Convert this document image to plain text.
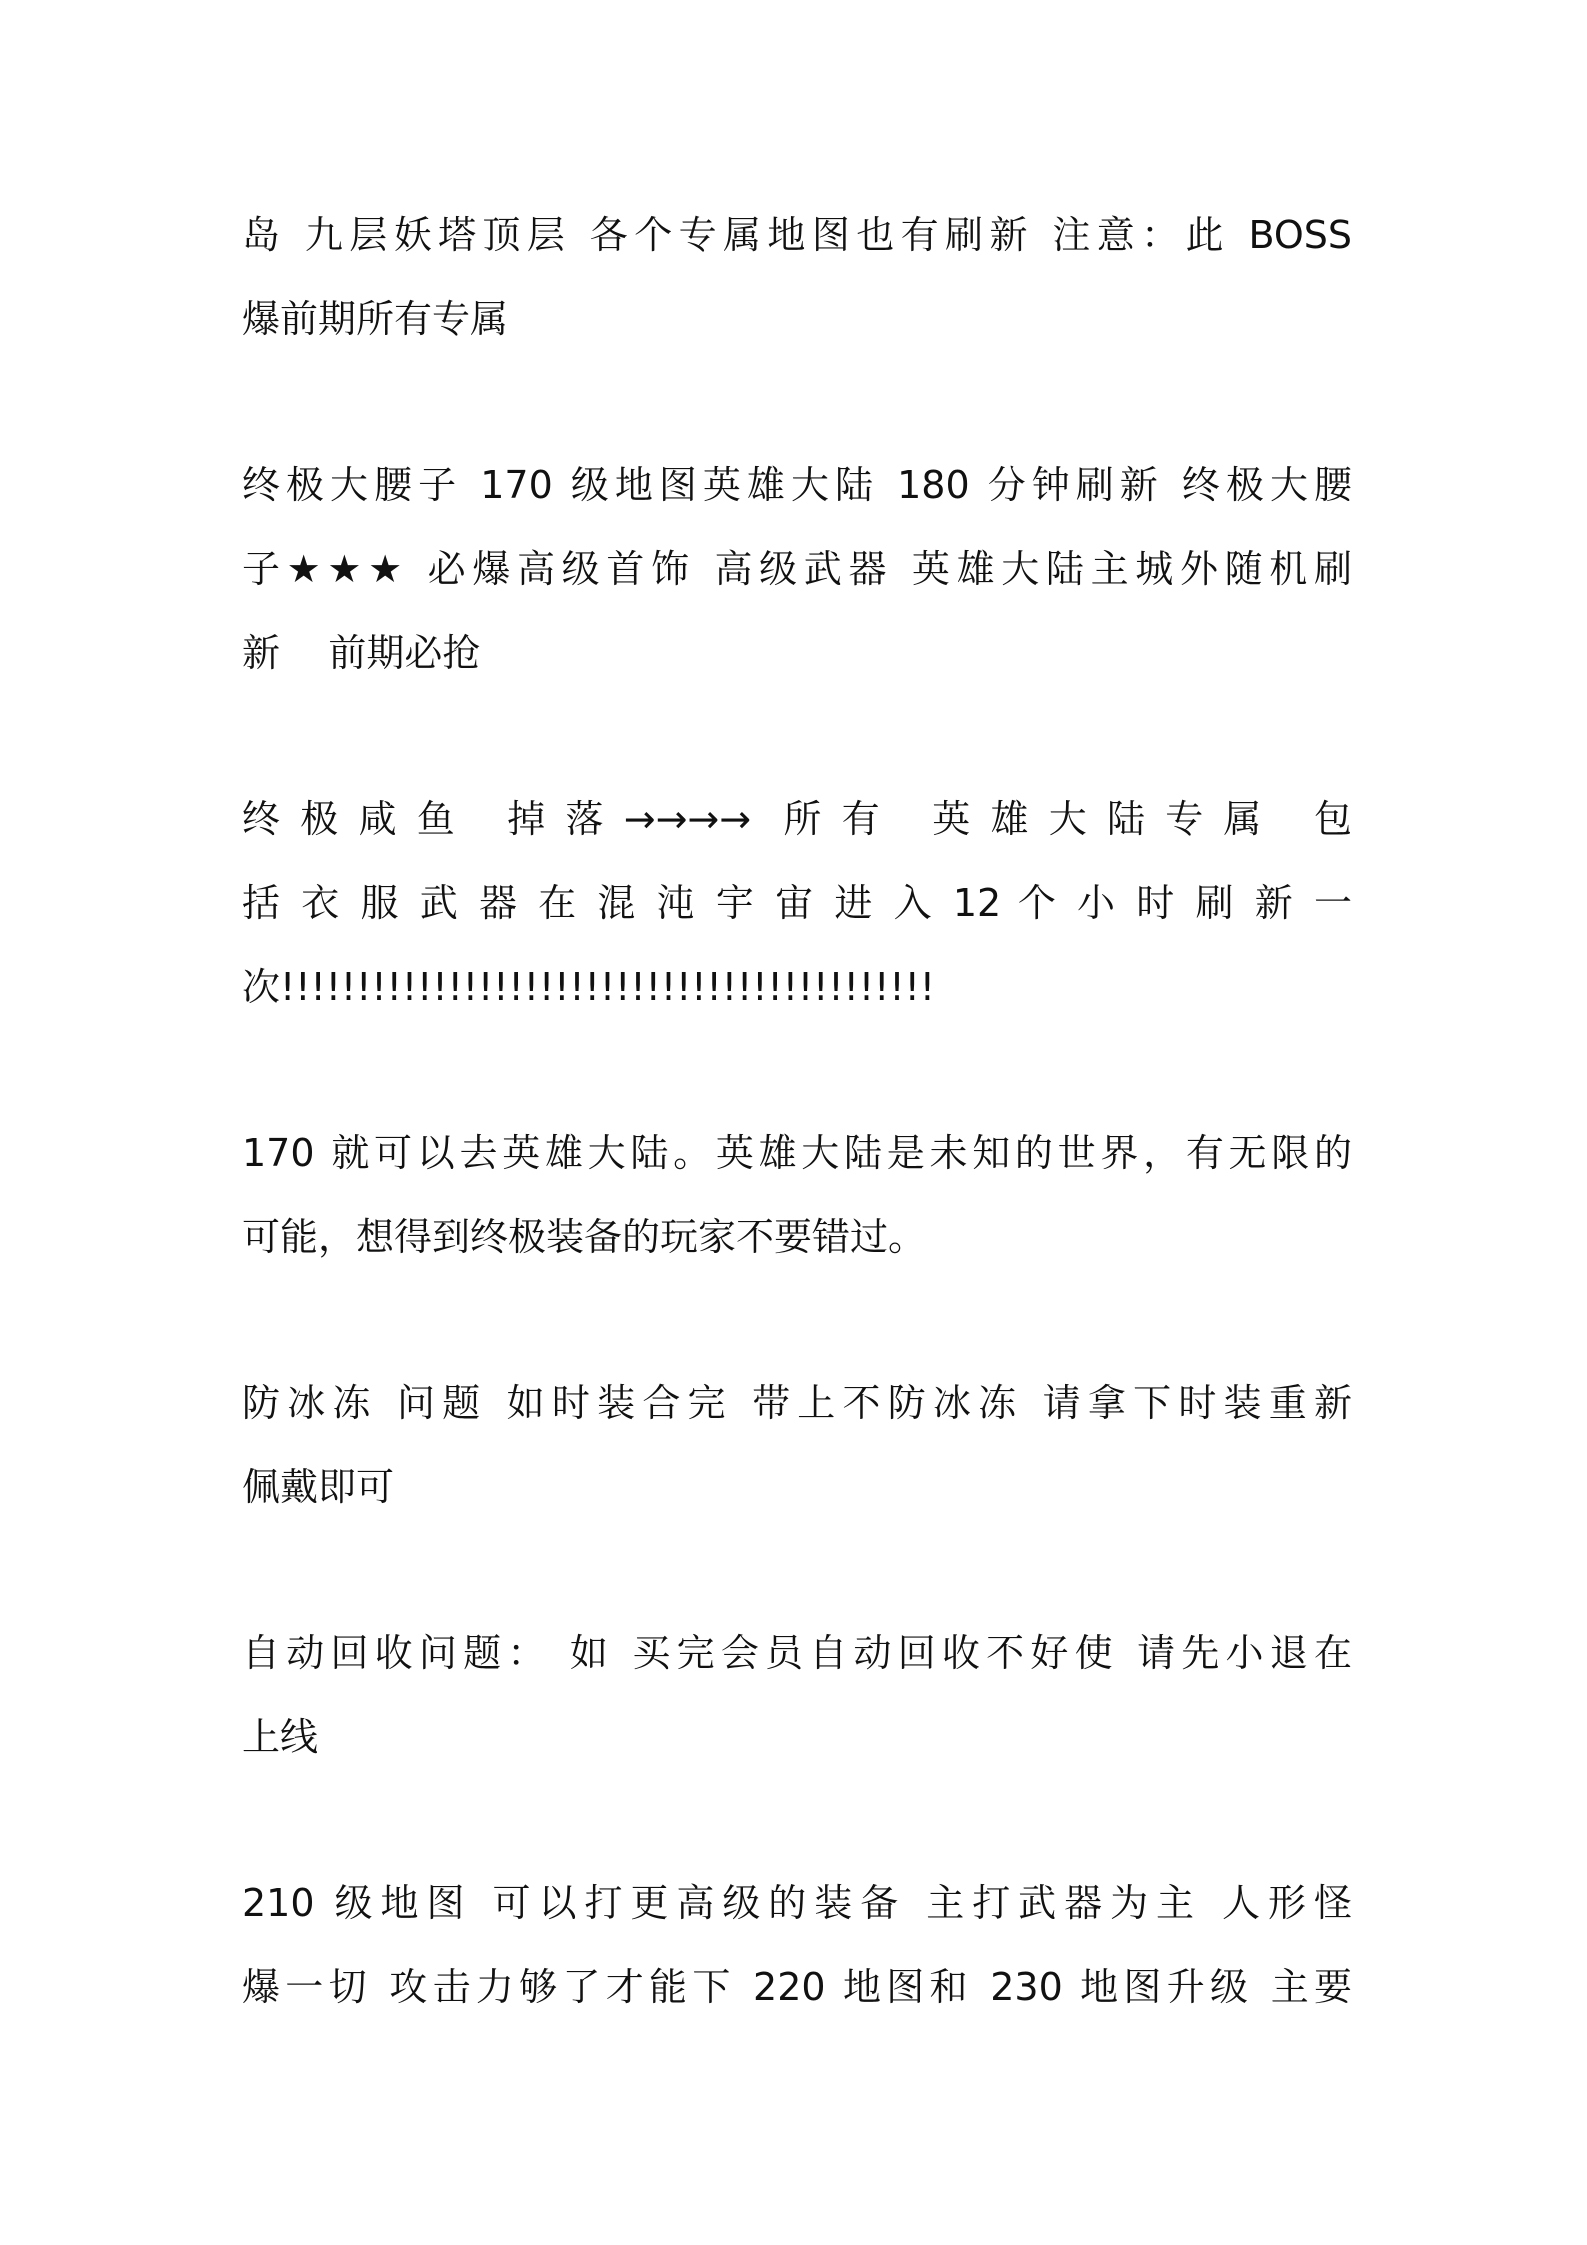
岛 九层妖塔顶层 各个专属地图也有刷新 注意：此 BOSS
爆前期所有专属
终极大腰子 170 级地图英雄大陆 180 分钟刷新 终极大腰
子★★★ 必爆高级首饰 高级武器 英雄大陆主城外随机刷
新    前期必抢
终极咸鱼 掉落→→→→ 所有 英雄大陆专属 包
括 衣 服 武 器 在 混 沌 宇 宙 进 入 12 个 小 时 刷 新 一
次!!!!!!!!!!!!!!!!!!!!!!!!!!!!!!!!!!!!!!!!!!!
170 就可以去英雄大陆。英雄大陆是未知的世界，有无限的
可能，想得到终极装备的玩家不要错过。
防冰冻 问题 如时装合完 带上不防冰冻 请拿下时装重新
佩戴即可
自动回收问题： 如 买完会员自动回收不好使 请先小退在
上线
210 级地图 可以打更高级的装备 主打武器为主 人形怪
爆一切 攻击力够了才能下 220 地图和 230 地图升级 主要
